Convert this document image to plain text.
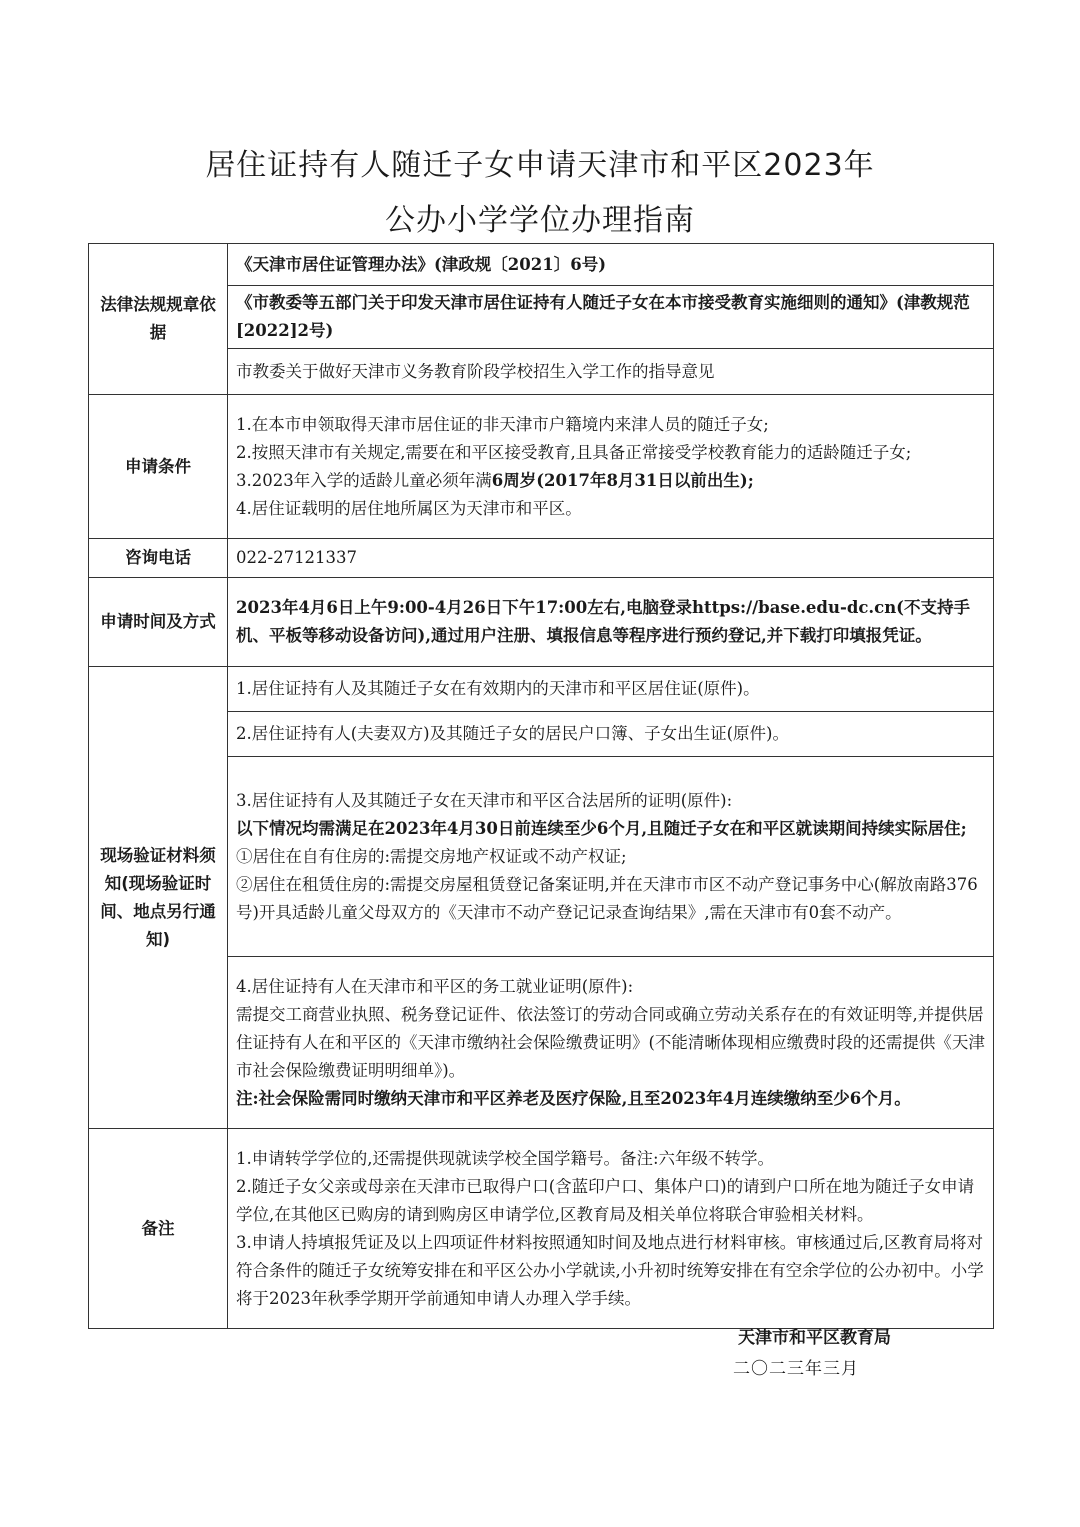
居住证持有人随迁子女申请天津市和平区2023年
公办小学学位办理指南
法律法规规章依据	《天津市居住证管理办法》(津政规〔2021〕6号)
	《市教委等五部门关于印发天津市居住证持有人随迁子女在本市接受教育实施细则的通知》(津教规范[2022]2号)
	市教委关于做好天津市义务教育阶段学校招生入学工作的指导意见
申请条件	1.在本市申领取得天津市居住证的非天津市户籍境内来津人员的随迁子女;
2.按照天津市有关规定,需要在和平区接受教育,且具备正常接受学校教育能力的适龄随迁子女;
3.2023年入学的适龄儿童必须年满6周岁(2017年8月31日以前出生);
4.居住证载明的居住地所属区为天津市和平区。

咨询电话	022-27121337
申请时间及方式	2023年4月6日上午9:00-4月26日下午17:00左右,电脑登录https://base.edu-dc.cn(不支持手机、平板等移动设备访问),通过用户注册、填报信息等程序进行预约登记,并下载打印填报凭证。
现场验证材料须知(现场验证时间、地点另行通知)	1.居住证持有人及其随迁子女在有效期内的天津市和平区居住证(原件)。
	2.居住证持有人(夫妻双方)及其随迁子女的居民户口簿、子女出生证(原件)。

	3.居住证持有人及其随迁子女在天津市和平区合法居所的证明(原件):
以下情况均需满足在2023年4月30日前连续至少6个月,且随迁子女在和平区就读期间持续实际居住;
①居住在自有住房的:需提交房地产权证或不动产权证;
②居住在租赁住房的:需提交房屋租赁登记备案证明,并在天津市市区不动产登记事务中心(解放南路376号)开具适龄儿童父母双方的《天津市不动产登记记录查询结果》,需在天津市有0套不动产。

	4.居住证持有人在天津市和平区的务工就业证明(原件):
需提交工商营业执照、税务登记证件、依法签订的劳动合同或确立劳动关系存在的有效证明等,并提供居住证持有人在和平区的《天津市缴纳社会保险缴费证明》(不能清晰体现相应缴费时段的还需提供《天津市社会保险缴费证明明细单》)。
注:社会保险需同时缴纳天津市和平区养老及医疗保险,且至2023年4月连续缴纳至少6个月。

备注	1.申请转学学位的,还需提供现就读学校全国学籍号。备注:六年级不转学。
2.随迁子女父亲或母亲在天津市已取得户口(含蓝印户口、集体户口)的请到户口所在地为随迁子女申请学位,在其他区已购房的请到购房区申请学位,区教育局及相关单位将联合审验相关材料。
3.申请人持填报凭证及以上四项证件材料按照通知时间及地点进行材料审核。审核通过后,区教育局将对符合条件的随迁子女统筹安排在和平区公办小学就读,小升初时统筹安排在有空余学位的公办初中。小学将于2023年秋季学期开学前通知申请人办理入学手续。
天津市和平区教育局
二〇二三年三月
